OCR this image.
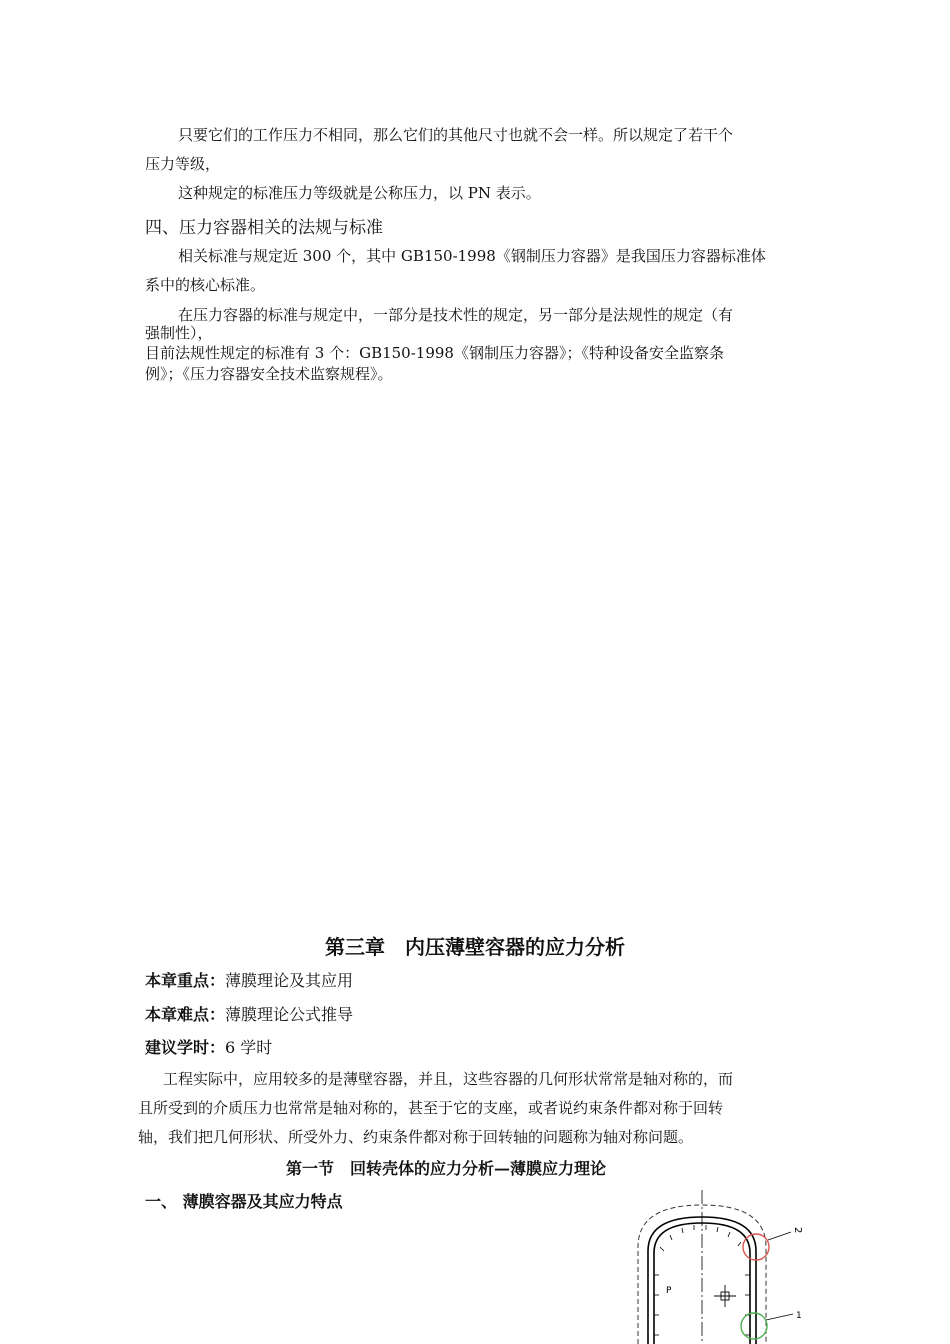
只要它们的工作压力不相同，那么它们的其他尺寸也就不会一样。所以规定了若干个
压力等级，
这种规定的标准压力等级就是公称压力，以 PN 表示。
四、压力容器相关的法规与标准
相关标准与规定近 300 个，其中 GB150-1998《钢制压力容器》是我国压力容器标准体
系中的核心标准。
在压力容器的标准与规定中，一部分是技术性的规定，另一部分是法规性的规定（有
强制性），
目前法规性规定的标准有 3 个：GB150-1998《钢制压力容器》；《特种设备安全监察条
例》；《压力容器安全技术监察规程》。
第三章　内压薄壁容器的应力分析
本章重点：薄膜理论及其应用
本章难点：薄膜理论公式推导
建议学时：6 学时
工程实际中，应用较多的是薄壁容器，并且，这些容器的几何形状常常是轴对称的，而
且所受到的介质压力也常常是轴对称的，甚至于它的支座，或者说约束条件都对称于回转
轴，我们把几何形状、所受外力、约束条件都对称于回转轴的问题称为轴对称问题。
第一节　回转壳体的应力分析—薄膜应力理论
一、 薄膜容器及其应力特点
P
2
1
